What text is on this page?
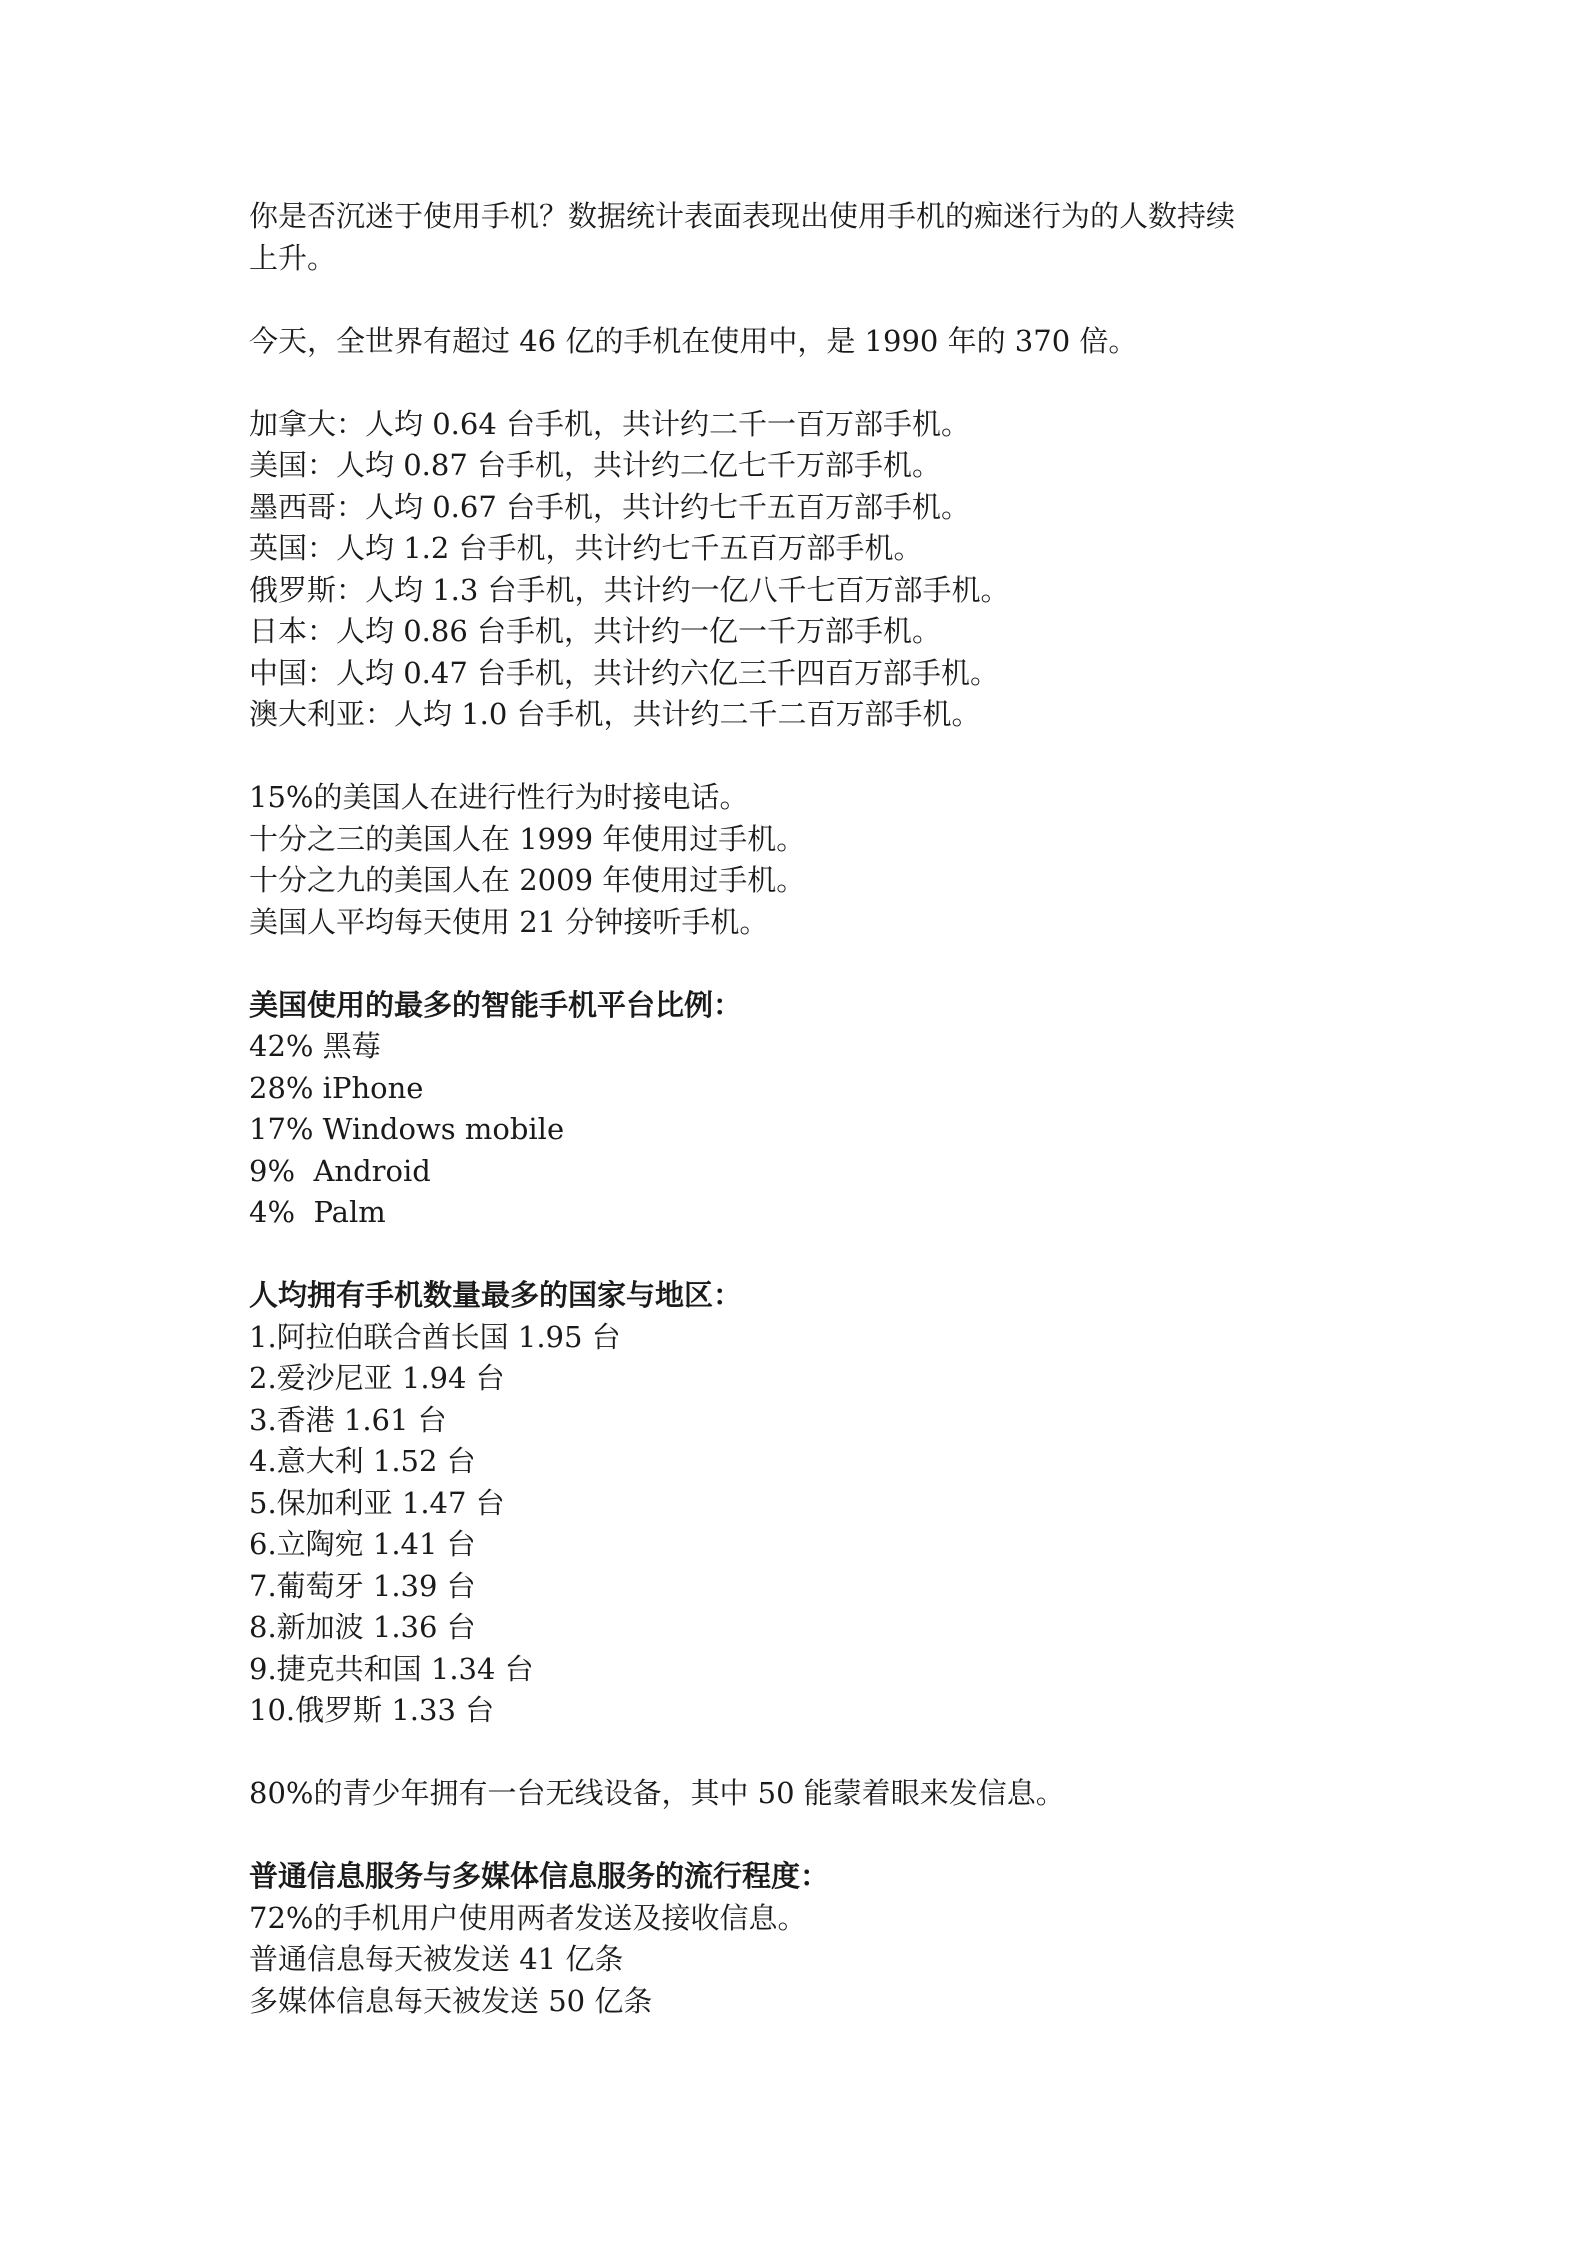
你是否沉迷于使用手机？数据统计表面表现出使用手机的痴迷行为的人数持续
上升。
今天，全世界有超过 46 亿的手机在使用中，是 1990 年的 370 倍。
加拿大：人均 0.64 台手机，共计约二千一百万部手机。
美国：人均 0.87 台手机，共计约二亿七千万部手机。
墨西哥：人均 0.67 台手机，共计约七千五百万部手机。
英国：人均 1.2 台手机，共计约七千五百万部手机。
俄罗斯：人均 1.3 台手机，共计约一亿八千七百万部手机。
日本：人均 0.86 台手机，共计约一亿一千万部手机。
中国：人均 0.47 台手机，共计约六亿三千四百万部手机。
澳大利亚：人均 1.0 台手机，共计约二千二百万部手机。
15%的美国人在进行性行为时接电话。
十分之三的美国人在 1999 年使用过手机。
十分之九的美国人在 2009 年使用过手机。
美国人平均每天使用 21 分钟接听手机。
美国使用的最多的智能手机平台比例：
42% 黑莓
28% iPhone
17% Windows mobile
9%  Android
4%  Palm
人均拥有手机数量最多的国家与地区：
1.阿拉伯联合酋长国 1.95 台
2.爱沙尼亚 1.94 台
3.香港 1.61 台
4.意大利 1.52 台
5.保加利亚 1.47 台
6.立陶宛 1.41 台
7.葡萄牙 1.39 台
8.新加波 1.36 台
9.捷克共和国 1.34 台
10.俄罗斯 1.33 台
80%的青少年拥有一台无线设备，其中 50 能蒙着眼来发信息。
普通信息服务与多媒体信息服务的流行程度：
72%的手机用户使用两者发送及接收信息。
普通信息每天被发送 41 亿条
多媒体信息每天被发送 50 亿条
